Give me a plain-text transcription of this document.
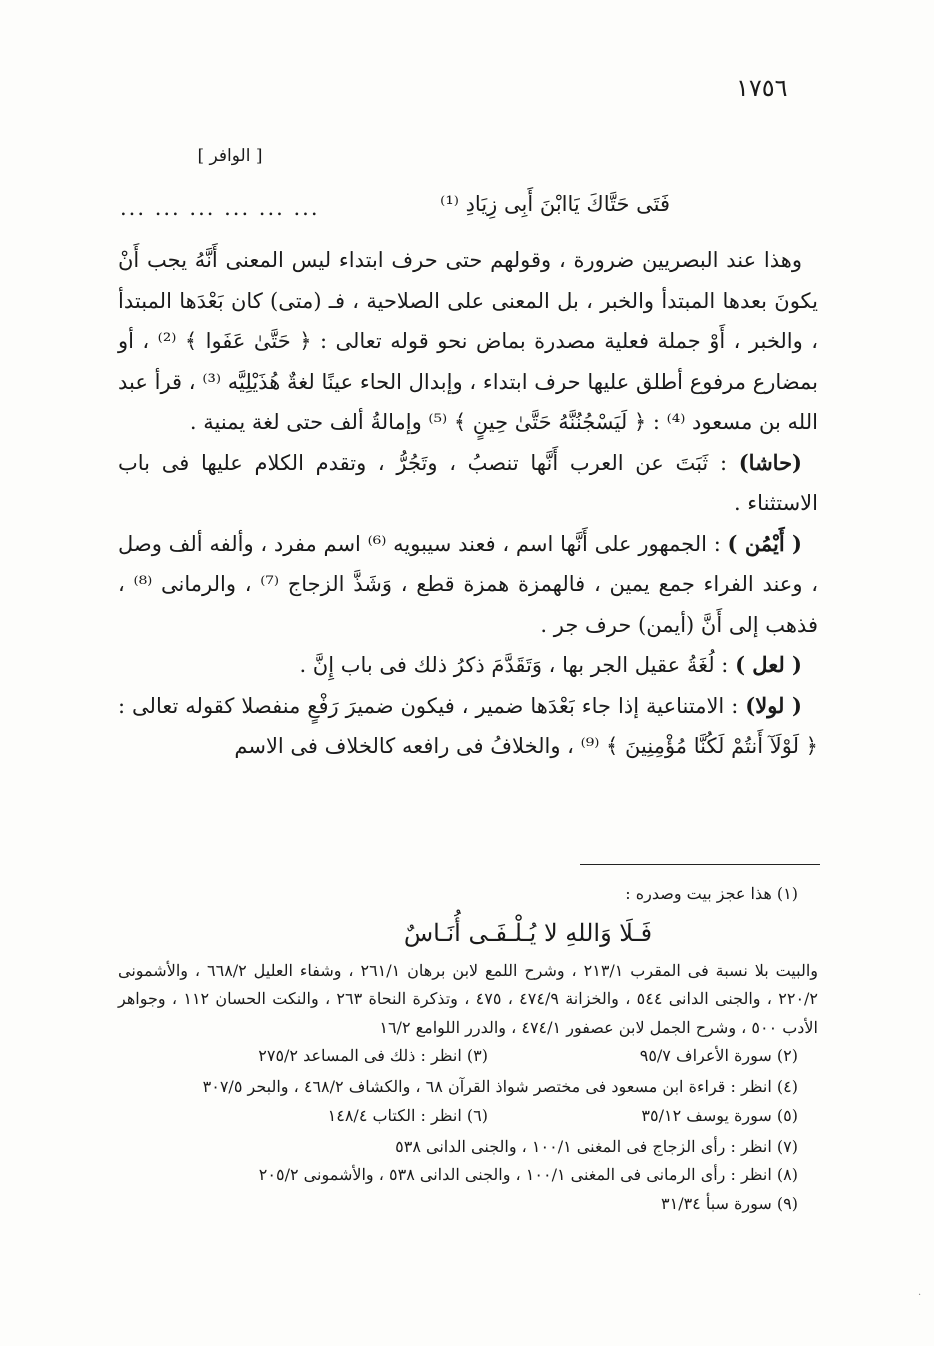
١٧٥٦
[ الوافر ]
فَتَى حَتَّاكَ يَاابْنَ أَبِى زِيَادِ ⁽¹⁾
... ... ... ... ... ...

وهذا عند البصريين ضرورة ، وقولهم حتى حرف ابتداء ليس المعنى أَنَّهُ يجب أَنْ يكونَ بعدها المبتدأ والخبر ، بل المعنى على الصلاحية ، فـ (متى) كان بَعْدَها المبتدأ ، والخبر ، أَوْ جملة فعلية مصدرة بماض نحو قوله تعالى : ﴿ حَتَّىٰ عَفَوا ﴾ ⁽²⁾ ، أو بمضارع مرفوع أطلق عليها حرف ابتداء ، وإبدال الحاء عينًا لغةٌ هُذَيْلِيَّه ⁽³⁾ ، قرأ عبد الله بن مسعود ⁽⁴⁾ : ﴿ لَيَسْجُنُنَّهُ حَتَّىٰ حِينٍ ﴾ ⁽⁵⁾ وإمالةُ ألف حتى لغة يمنية .

(حاشا) : ثَبَتَ عن العرب أَنَّها تنصبُ ، وتَجُرُّ ، وتقدم الكلام عليها فى باب الاستثناء .

( أَيْمُن ) : الجمهور على أَنَّها اسم ، فعند سيبويه ⁽⁶⁾ اسم مفرد ، وألفه ألف وصل ، وعند الفراء جمع يمين ، فالهمزة همزة قطع ، وَشَذَّ الزجاج ⁽⁷⁾ ، والرمانى ⁽⁸⁾ ، فذهب إلى أَنَّ (أيمن) حرف جر .

( لعل ) : لُغَةُ عقيل الجر بها ، وَتَقَدَّمَ ذكرُ ذلك فى باب إِنَّ .

( لولا) : الامتناعية إذا جاء بَعْدَها ضمير ، فيكون ضميرَ رَفْعٍ منفصلا كقوله تعالى : ﴿ لَوْلَآ أَنتُمْ لَكُنَّا مُؤْمِنِينَ ﴾ ⁽⁹⁾ ، والخلافُ فى رافعه كالخلاف فى الاسم

(١) هذا عجز بيت وصدره :

فَـلَا وَاللهِ لا يُـلْـفَـى أُنَـاسٌ

والبيت بلا نسبة فى المقرب ٢١٣/١ ، وشرح اللمع لابن برهان ٢٦١/١ ، وشفاء العليل ٦٦٨/٢ ، والأشمونى ٢٢٠/٢ ، والجنى الدانى ٥٤٤ ، والخزانة ٤٧٤/٩ ، ٤٧٥ ، وتذكرة النحاة ٢٦٣ ، والنكت الحسان ١١٢ ، وجواهر الأدب ٥٠٠ ، وشرح الجمل لابن عصفور ٤٧٤/١ ، والدرر اللوامع ١٦/٢

(٢) سورة الأعراف ٩٥/٧
(٣) انظر : ذلك فى المساعد ٢٧٥/٢

(٤) انظر : قراءة ابن مسعود فى مختصر شواذ القرآن ٦٨ ، والكشاف ٤٦٨/٢ ، والبحر ٣٠٧/٥

(٥) سورة يوسف ٣٥/١٢
(٦) انظر : الكتاب ١٤٨/٤

(٧) انظر : رأى الزجاج فى المغنى ١٠٠/١ ، والجنى الدانى ٥٣٨

(٨) انظر : رأى الرمانى فى المغنى ١٠٠/١ ، والجنى الدانى ٥٣٨ ، والأشمونى ٢٠٥/٢

(٩) سورة سبأ ٣١/٣٤

·
